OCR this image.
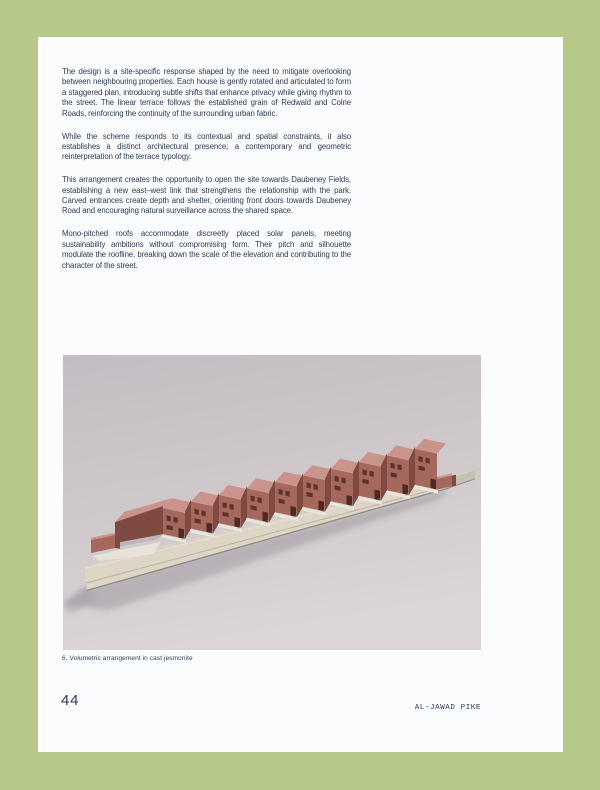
The design is a site-specific response shaped by the need to mitigate overlooking between neighbouring properties. Each house is gently rotated and articulated to form a staggered plan, introducing subtle shifts that enhance privacy while giving rhythm to the street. The linear terrace follows the established grain of Redwald and Colne Roads, reinforcing the continuity of the surrounding urban fabric.

While the scheme responds to its contextual and spatial constraints, it also establishes a distinct architectural presence; a contemporary and geometric reinterpretation of the terrace typology.

This arrangement creates the opportunity to open the site towards Daubeney Fields, establishing a new east–west link that strengthens the relationship with the park. Carved entrances create depth and shelter, orienting front doors towards Daubeney Road and encouraging natural surveillance across the shared space.

Mono-pitched roofs accommodate discreetly placed solar panels, meeting sustainability ambitions without compromising form. Their pitch and silhouette modulate the roofline, breaking down the scale of the elevation and contributing to the character of the street.

6. Volumetric arrangement in cast jesmonite
44	AL-JAWAD PIKE
